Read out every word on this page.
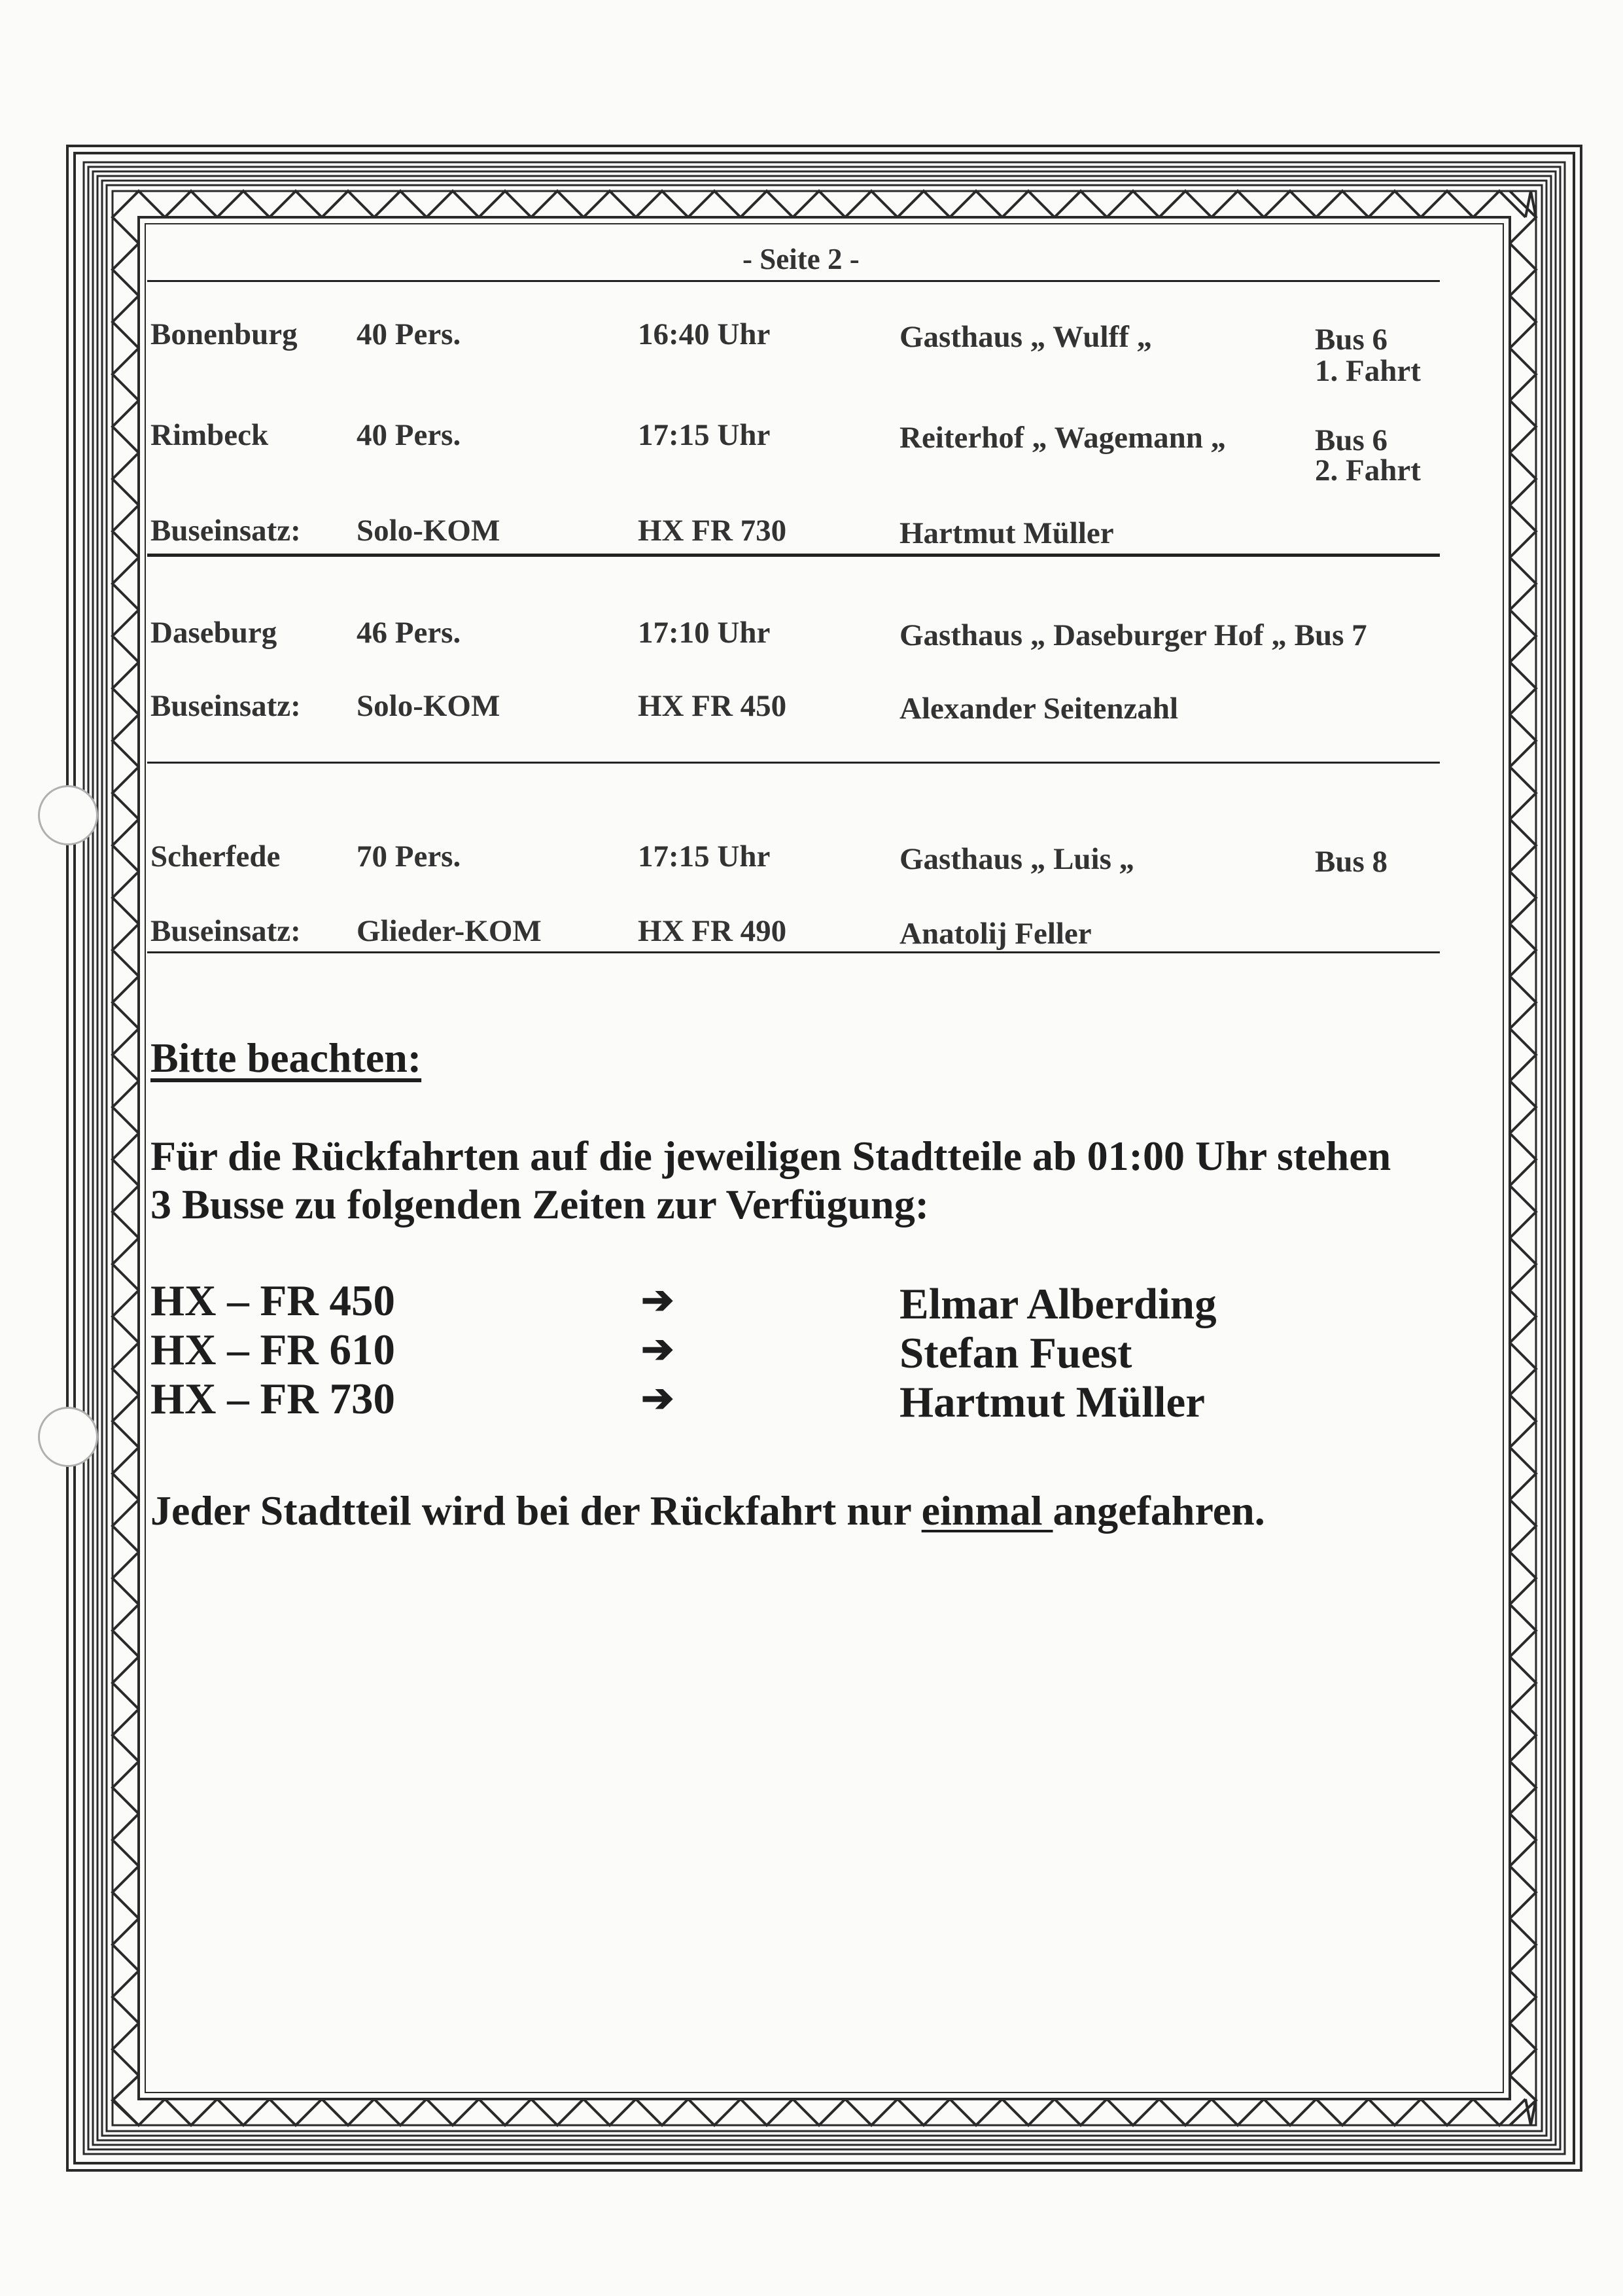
- Seite 2 -
Bonenburg 40 Pers.	16:40 Uhr	Gasthaus „ Wulff „	Bus 6
1. Fahrt
Rimbeck	40 Pers.	17:15 Uhr	Reiterhof „ Wagemann „	Bus 6
2. Fahrt
Buseinsatz: Solo-KOM	HX FR 730	Hartmut Müller
Daseburg	46 Pers.	17:10 Uhr	Gasthaus „ Daseburger Hof „ Bus 7
Buseinsatz: Solo-KOM	HX FR 450	Alexander Seitenzahl
Scherfede 70 Pers.	17:15 Uhr	Gasthaus „ Luis „	Bus 8
Buseinsatz: Glieder-KOM	HX FR 490	Anatolij Feller
Bitte beachten:
Für die Rückfahrten auf die jeweiligen Stadtteile ab 01:00 Uhr stehen
3 Busse zu folgenden Zeiten zur Verfügung:
HX – FR 450	➔	Elmar Alberding
HX – FR 610	➔	Stefan Fuest
HX – FR 730	➔	Hartmut Müller
Jeder Stadtteil wird bei der Rückfahrt nur einmal angefahren.
